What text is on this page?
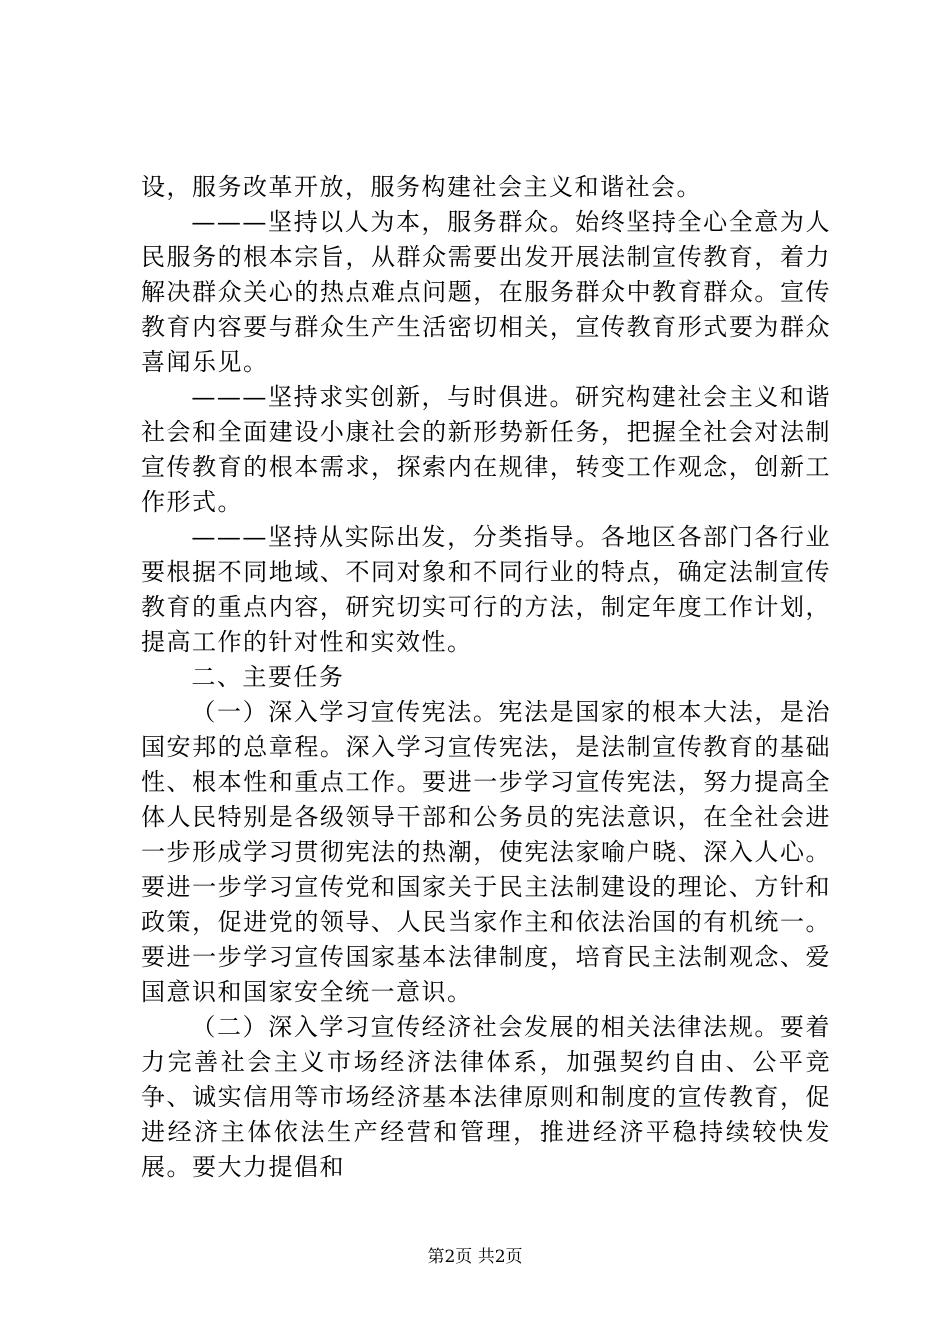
设，服务改革开放，服务构建社会主义和谐社会。

———坚持以人为本，服务群众。始终坚持全心全意为人民服务的根本宗旨，从群众需要出发开展法制宣传教育，着力解决群众关心的热点难点问题，在服务群众中教育群众。宣传教育内容要与群众生产生活密切相关，宣传教育形式要为群众喜闻乐见。

———坚持求实创新，与时俱进。研究构建社会主义和谐社会和全面建设小康社会的新形势新任务，把握全社会对法制宣传教育的根本需求，探索内在规律，转变工作观念，创新工作形式。

———坚持从实际出发，分类指导。各地区各部门各行业要根据不同地域、不同对象和不同行业的特点，确定法制宣传教育的重点内容，研究切实可行的方法，制定年度工作计划，提高工作的针对性和实效性。

二、主要任务

（一）深入学习宣传宪法。宪法是国家的根本大法，是治国安邦的总章程。深入学习宣传宪法，是法制宣传教育的基础性、根本性和重点工作。要进一步学习宣传宪法，努力提高全体人民特别是各级领导干部和公务员的宪法意识，在全社会进一步形成学习贯彻宪法的热潮，使宪法家喻户晓、深入人心。要进一步学习宣传党和国家关于民主法制建设的理论、方针和政策，促进党的领导、人民当家作主和依法治国的有机统一。要进一步学习宣传国家基本法律制度，培育民主法制观念、爱国意识和国家安全统一意识。

（二）深入学习宣传经济社会发展的相关法律法规。要着力完善社会主义市场经济法律体系，加强契约自由、公平竞争、诚实信用等市场经济基本法律原则和制度的宣传教育，促进经济主体依法生产经营和管理，推进经济平稳持续较快发展。要大力提倡和

第2页 共2页
